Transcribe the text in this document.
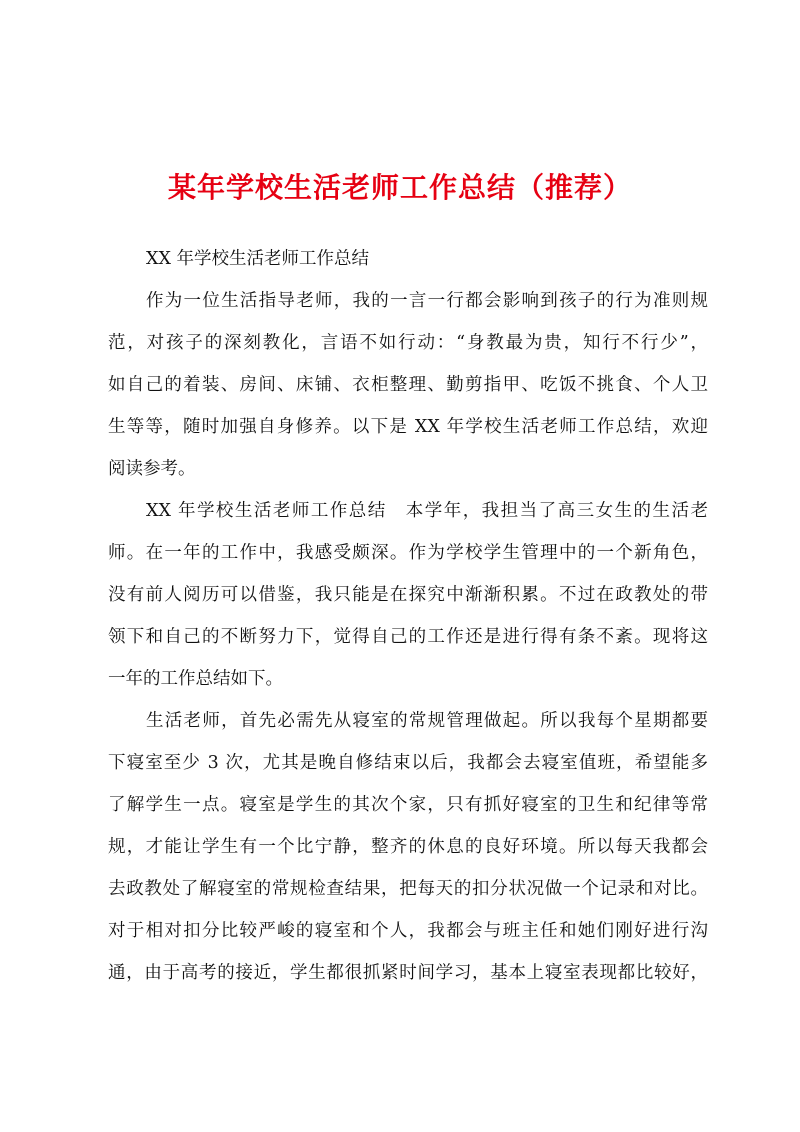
某年学校生活老师工作总结（推荐）

XX 年学校生活老师工作总结

作为一位生活指导老师，我的一言一行都会影响到孩子的行为准则规

范，对孩子的深刻教化，言语不如行动：“身教最为贵，知行不行少”，

如自己的着装、房间、床铺、衣柜整理、勤剪指甲、吃饭不挑食、个人卫

生等等，随时加强自身修养。以下是 XX 年学校生活老师工作总结，欢迎

阅读参考。

XX 年学校生活老师工作总结　本学年，我担当了高三女生的生活老

师。在一年的工作中，我感受颇深。作为学校学生管理中的一个新角色，

没有前人阅历可以借鉴，我只能是在探究中渐渐积累。不过在政教处的带

领下和自己的不断努力下，觉得自己的工作还是进行得有条不紊。现将这

一年的工作总结如下。

生活老师，首先必需先从寝室的常规管理做起。所以我每个星期都要

下寝室至少 3 次，尤其是晚自修结束以后，我都会去寝室值班，希望能多

了解学生一点。寝室是学生的其次个家，只有抓好寝室的卫生和纪律等常

规，才能让学生有一个比宁静，整齐的休息的良好环境。所以每天我都会

去政教处了解寝室的常规检查结果，把每天的扣分状况做一个记录和对比。

对于相对扣分比较严峻的寝室和个人，我都会与班主任和她们刚好进行沟

通，由于高考的接近，学生都很抓紧时间学习，基本上寝室表现都比较好，
